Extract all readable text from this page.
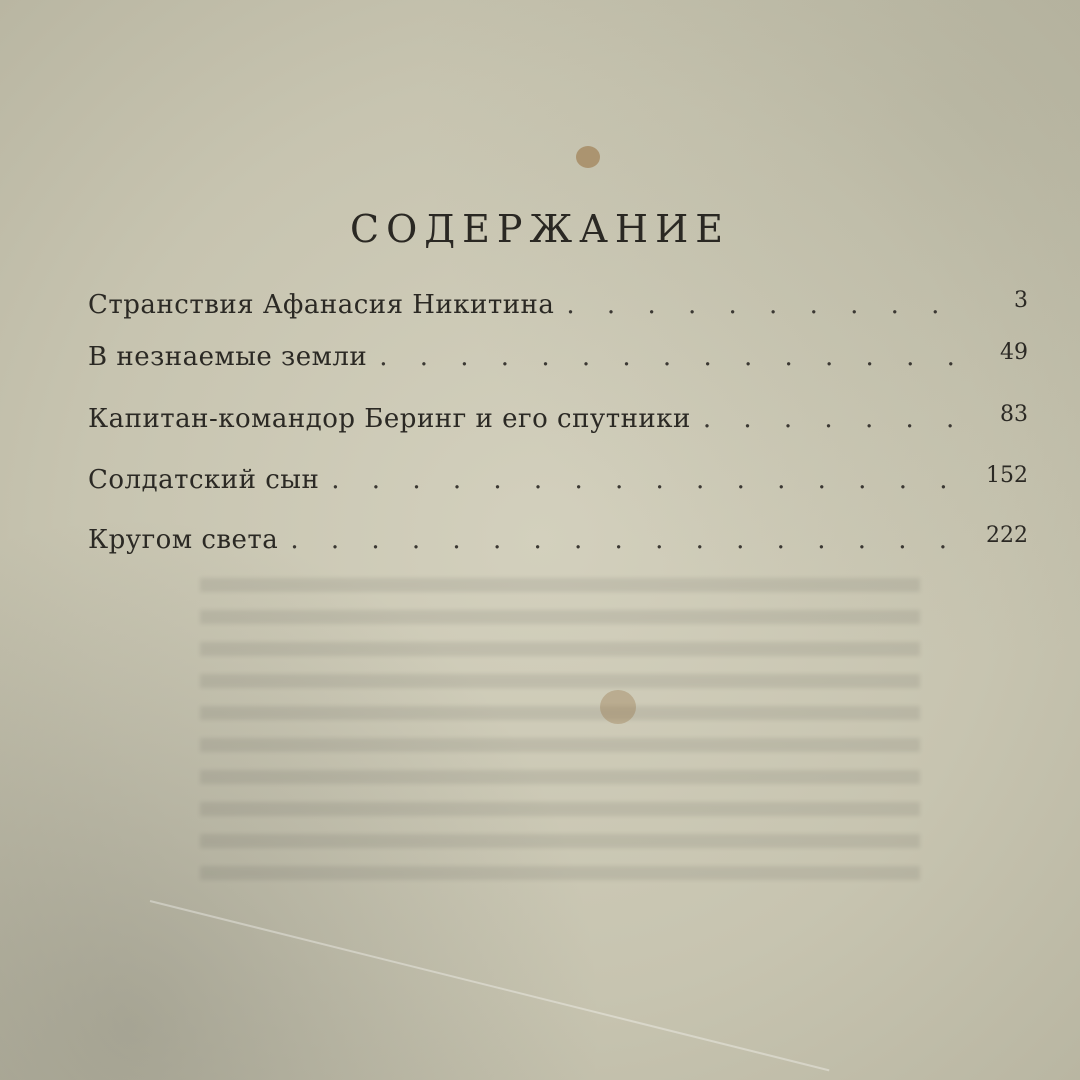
СОДЕРЖАНИЕ
Странствия Афанасия Никитина . . .	3
В незнаемые земли . . .	49
Капитан-командор Беринг и его спутники . . .	83
Солдатский сын . . .	152
Кругом света . . .	222
